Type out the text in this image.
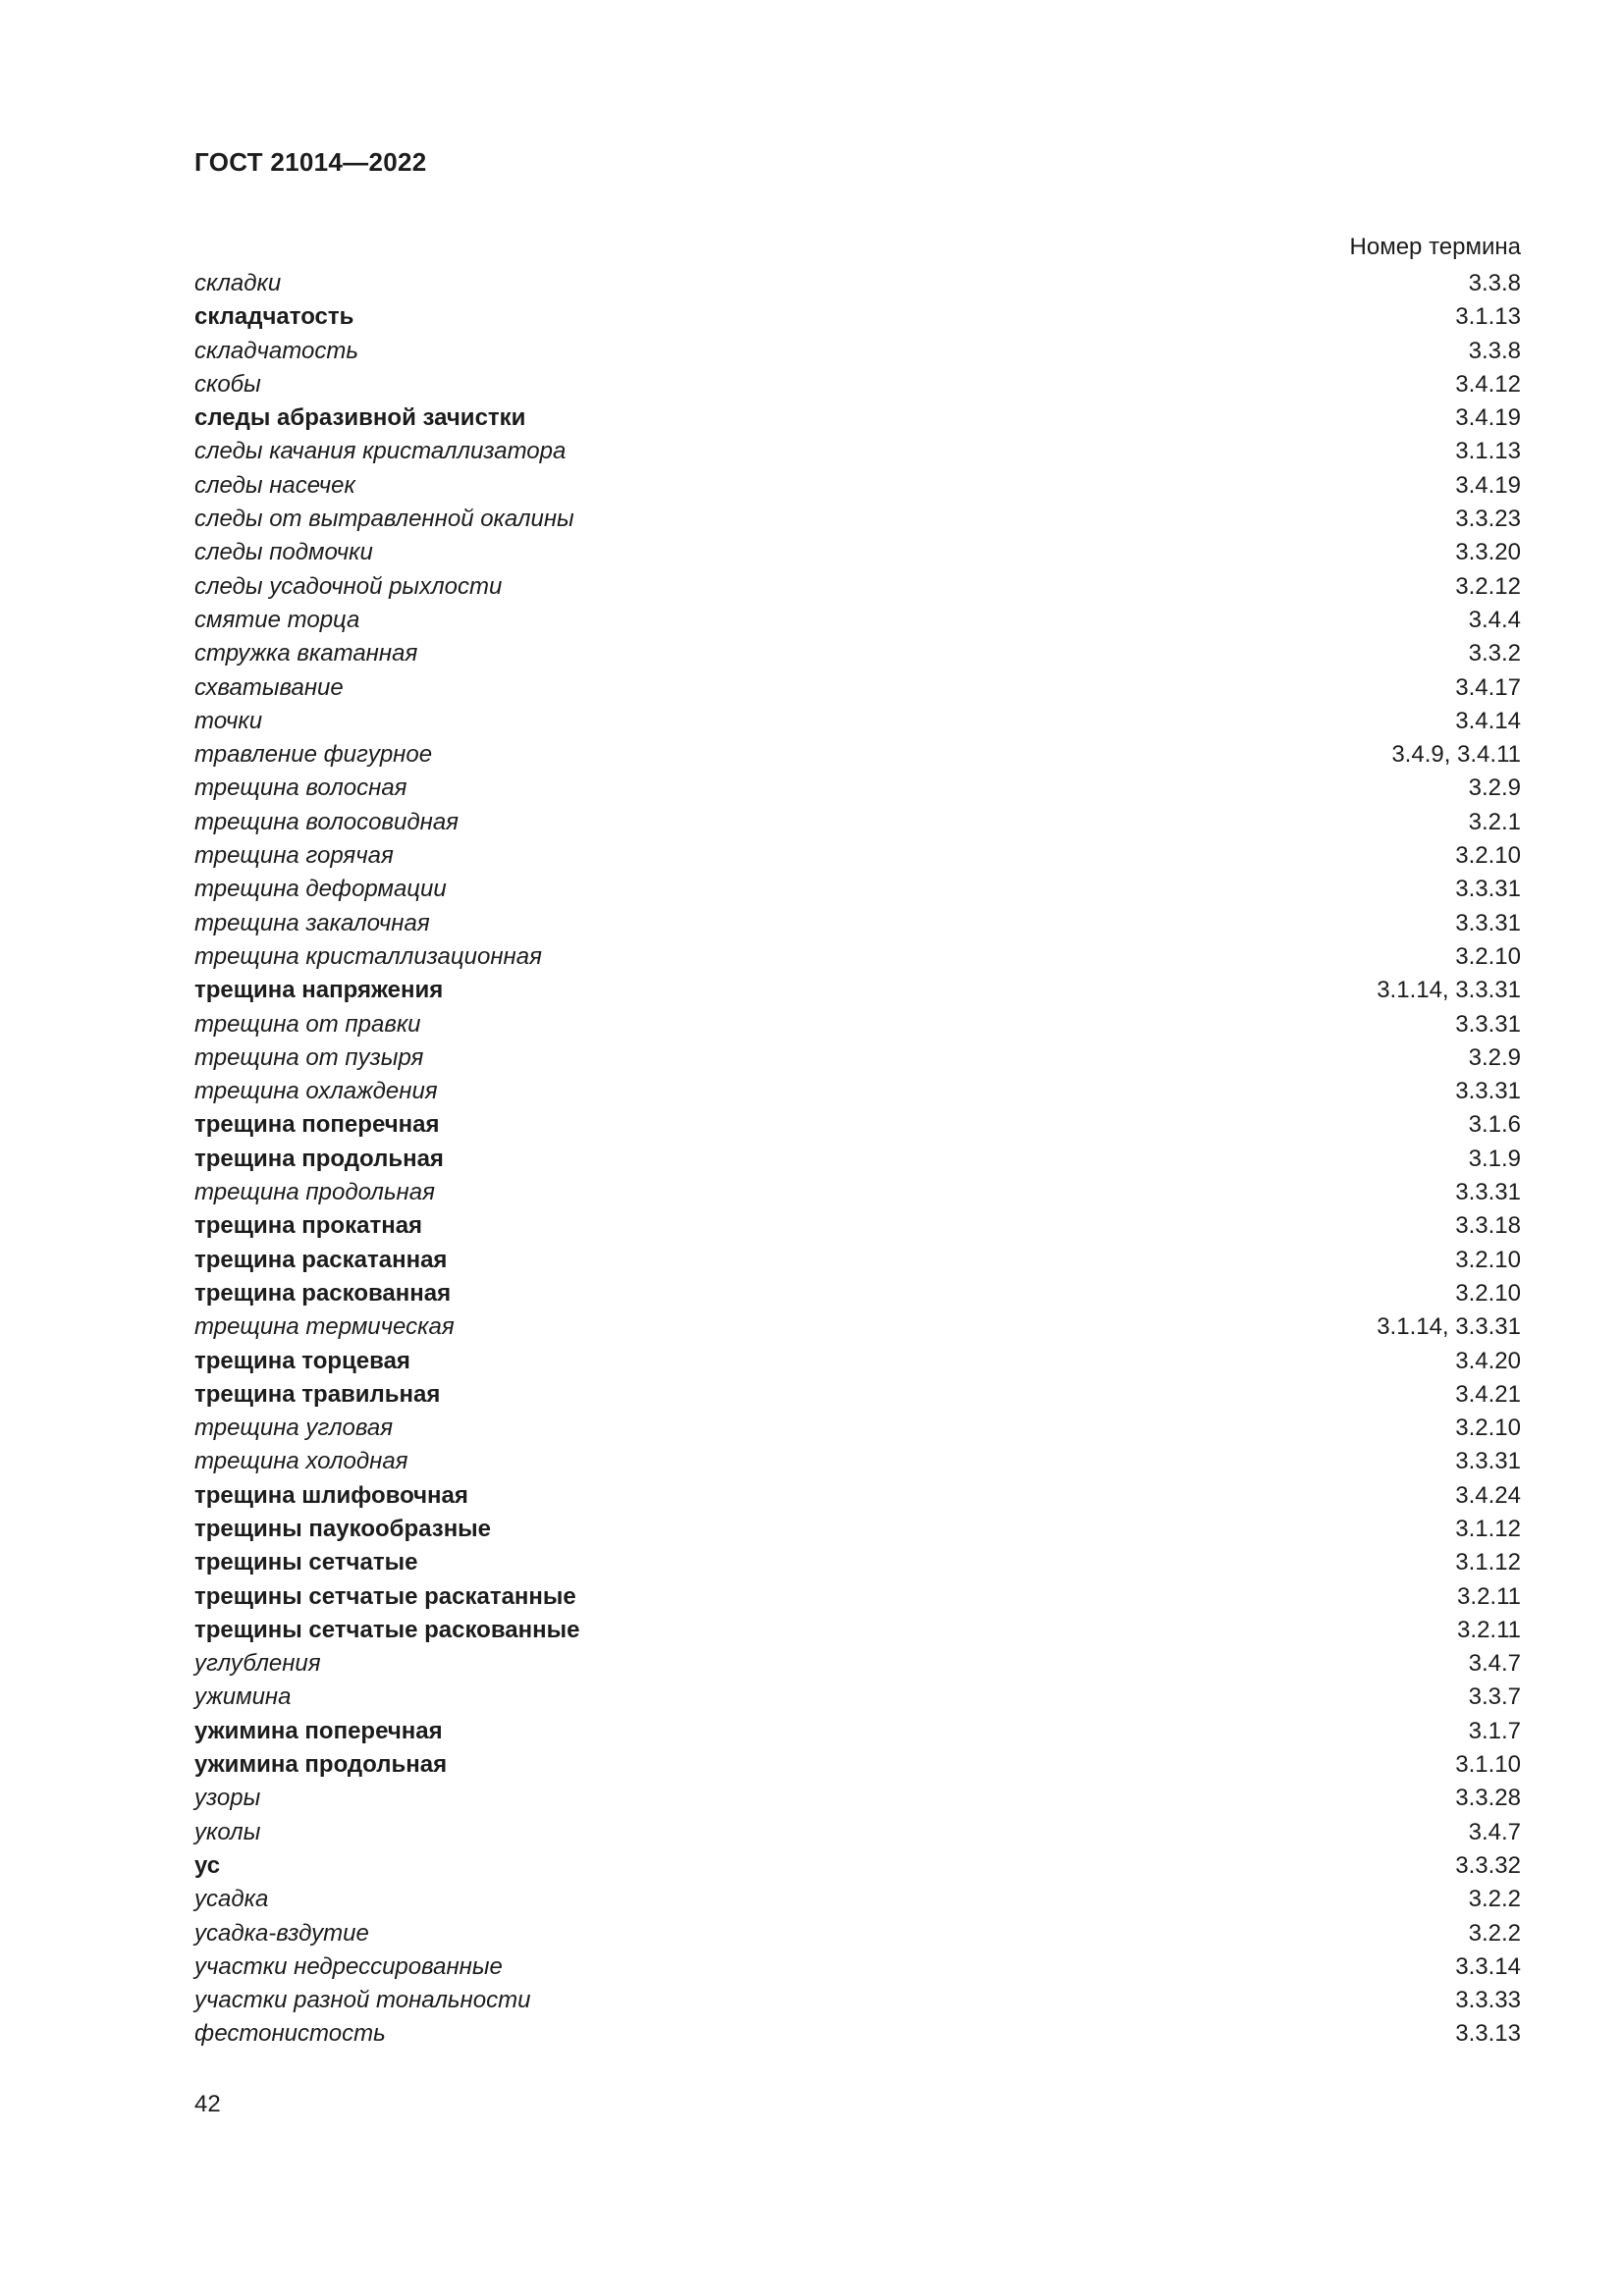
ГОСТ 21014—2022
Номер термина
складки	3.3.8
складчатость	3.1.13
складчатость	3.3.8
скобы	3.4.12
следы абразивной зачистки	3.4.19
следы качания кристаллизатора	3.1.13
следы насечек	3.4.19
следы от вытравленной окалины	3.3.23
следы подмочки	3.3.20
следы усадочной рыхлости	3.2.12
смятие торца	3.4.4
стружка вкатанная	3.3.2
схватывание	3.4.17
точки	3.4.14
травление фигурное	3.4.9, 3.4.11
трещина волосная	3.2.9
трещина волосовидная	3.2.1
трещина горячая	3.2.10
трещина деформации	3.3.31
трещина закалочная	3.3.31
трещина кристаллизационная	3.2.10
трещина напряжения	3.1.14, 3.3.31
трещина от правки	3.3.31
трещина от пузыря	3.2.9
трещина охлаждения	3.3.31
трещина поперечная	3.1.6
трещина продольная	3.1.9
трещина продольная	3.3.31
трещина прокатная	3.3.18
трещина раскатанная	3.2.10
трещина раскованная	3.2.10
трещина термическая	3.1.14, 3.3.31
трещина торцевая	3.4.20
трещина травильная	3.4.21
трещина угловая	3.2.10
трещина холодная	3.3.31
трещина шлифовочная	3.4.24
трещины паукообразные	3.1.12
трещины сетчатые	3.1.12
трещины сетчатые раскатанные	3.2.11
трещины сетчатые раскованные	3.2.11
углубления	3.4.7
ужимина	3.3.7
ужимина поперечная	3.1.7
ужимина продольная	3.1.10
узоры	3.3.28
уколы	3.4.7
ус	3.3.32
усадка	3.2.2
усадка-вздутие	3.2.2
участки недрессированные	3.3.14
участки разной тональности	3.3.33
фестонистость	3.3.13
42
